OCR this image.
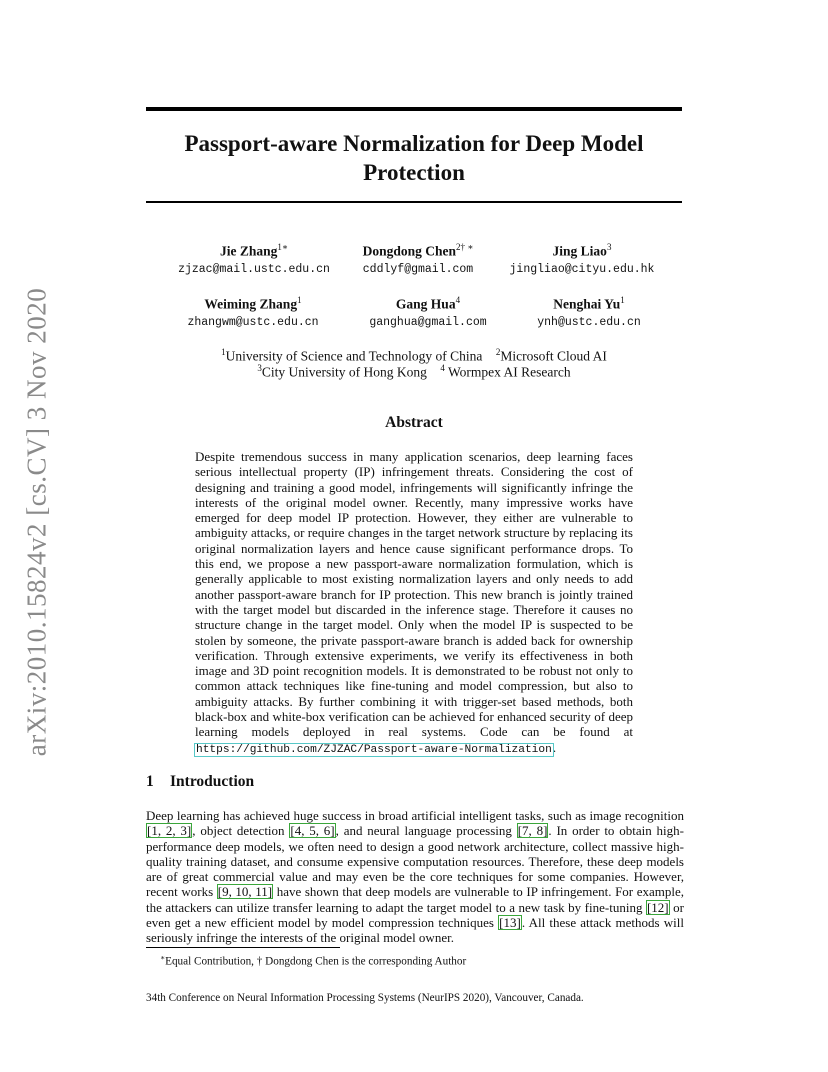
arXiv:2010.15824v2 [cs.CV] 3 Nov 2020
Passport-aware Normalization for Deep Model Protection
Jie Zhang$^{1∗}$
zjzac@mail.ustc.edu.cn
Dongdong Chen$^{2\dagger ∗}$
cddlyf@gmail.com
Jing Liao$^3$
jingliao@cityu.edu.hk
Weiming Zhang$^1$
zhangwm@ustc.edu.cn
Gang Hua$^4$
ganghua@gmail.com
Nenghai Yu$^1$
ynh@ustc.edu.cn
$^1$University of Science and Technology of China $^2$Microsoft Cloud AI
$^3$City University of Hong Kong $^4$ Wormpex AI Research
Abstract
Despite tremendous success in many application scenarios, deep learning faces serious intellectual property (IP) infringement threats. Considering the cost of designing and training a good model, infringements will significantly infringe the interests of the original model owner. Recently, many impressive works have emerged for deep model IP protection. However, they either are vulnerable to ambiguity attacks, or require changes in the target network structure by replacing its original normalization layers and hence cause significant performance drops. To this end, we propose a new passport-aware normalization formulation, which is generally applicable to most existing normalization layers and only needs to add another passport-aware branch for IP protection. This new branch is jointly trained with the target model but discarded in the inference stage. Therefore it causes no structure change in the target model. Only when the model IP is suspected to be stolen by someone, the private passport-aware branch is added back for ownership verification. Through extensive experiments, we verify its effectiveness in both image and 3D point recognition models. It is demonstrated to be robust not only to common attack techniques like fine-tuning and model compression, but also to ambiguity attacks. By further combining it with trigger-set based methods, both black-box and white-box verification can be achieved for enhanced security of deep learning models deployed in real systems. Code can be found at https://github.com/ZJZAC/Passport-aware-Normalization.
1 Introduction
Deep learning has achieved huge success in broad artificial intelligent tasks, such as image recognition [1, 2, 3], object detection [4, 5, 6], and neural language processing [7, 8]. In order to obtain high-performance deep models, we often need to design a good network architecture, collect massive high-quality training dataset, and consume expensive computation resources. Therefore, these deep models are of great commercial value and may even be the core techniques for some companies. However, recent works [9, 10, 11] have shown that deep models are vulnerable to IP infringement. For example, the attackers can utilize transfer learning to adapt the target model to a new task by fine-tuning [12] or even get a new efficient model by model compression techniques [13]. All these attack methods will seriously infringe the interests of the original model owner.
∗Equal Contribution, † Dongdong Chen is the corresponding Author
34th Conference on Neural Information Processing Systems (NeurIPS 2020), Vancouver, Canada.
